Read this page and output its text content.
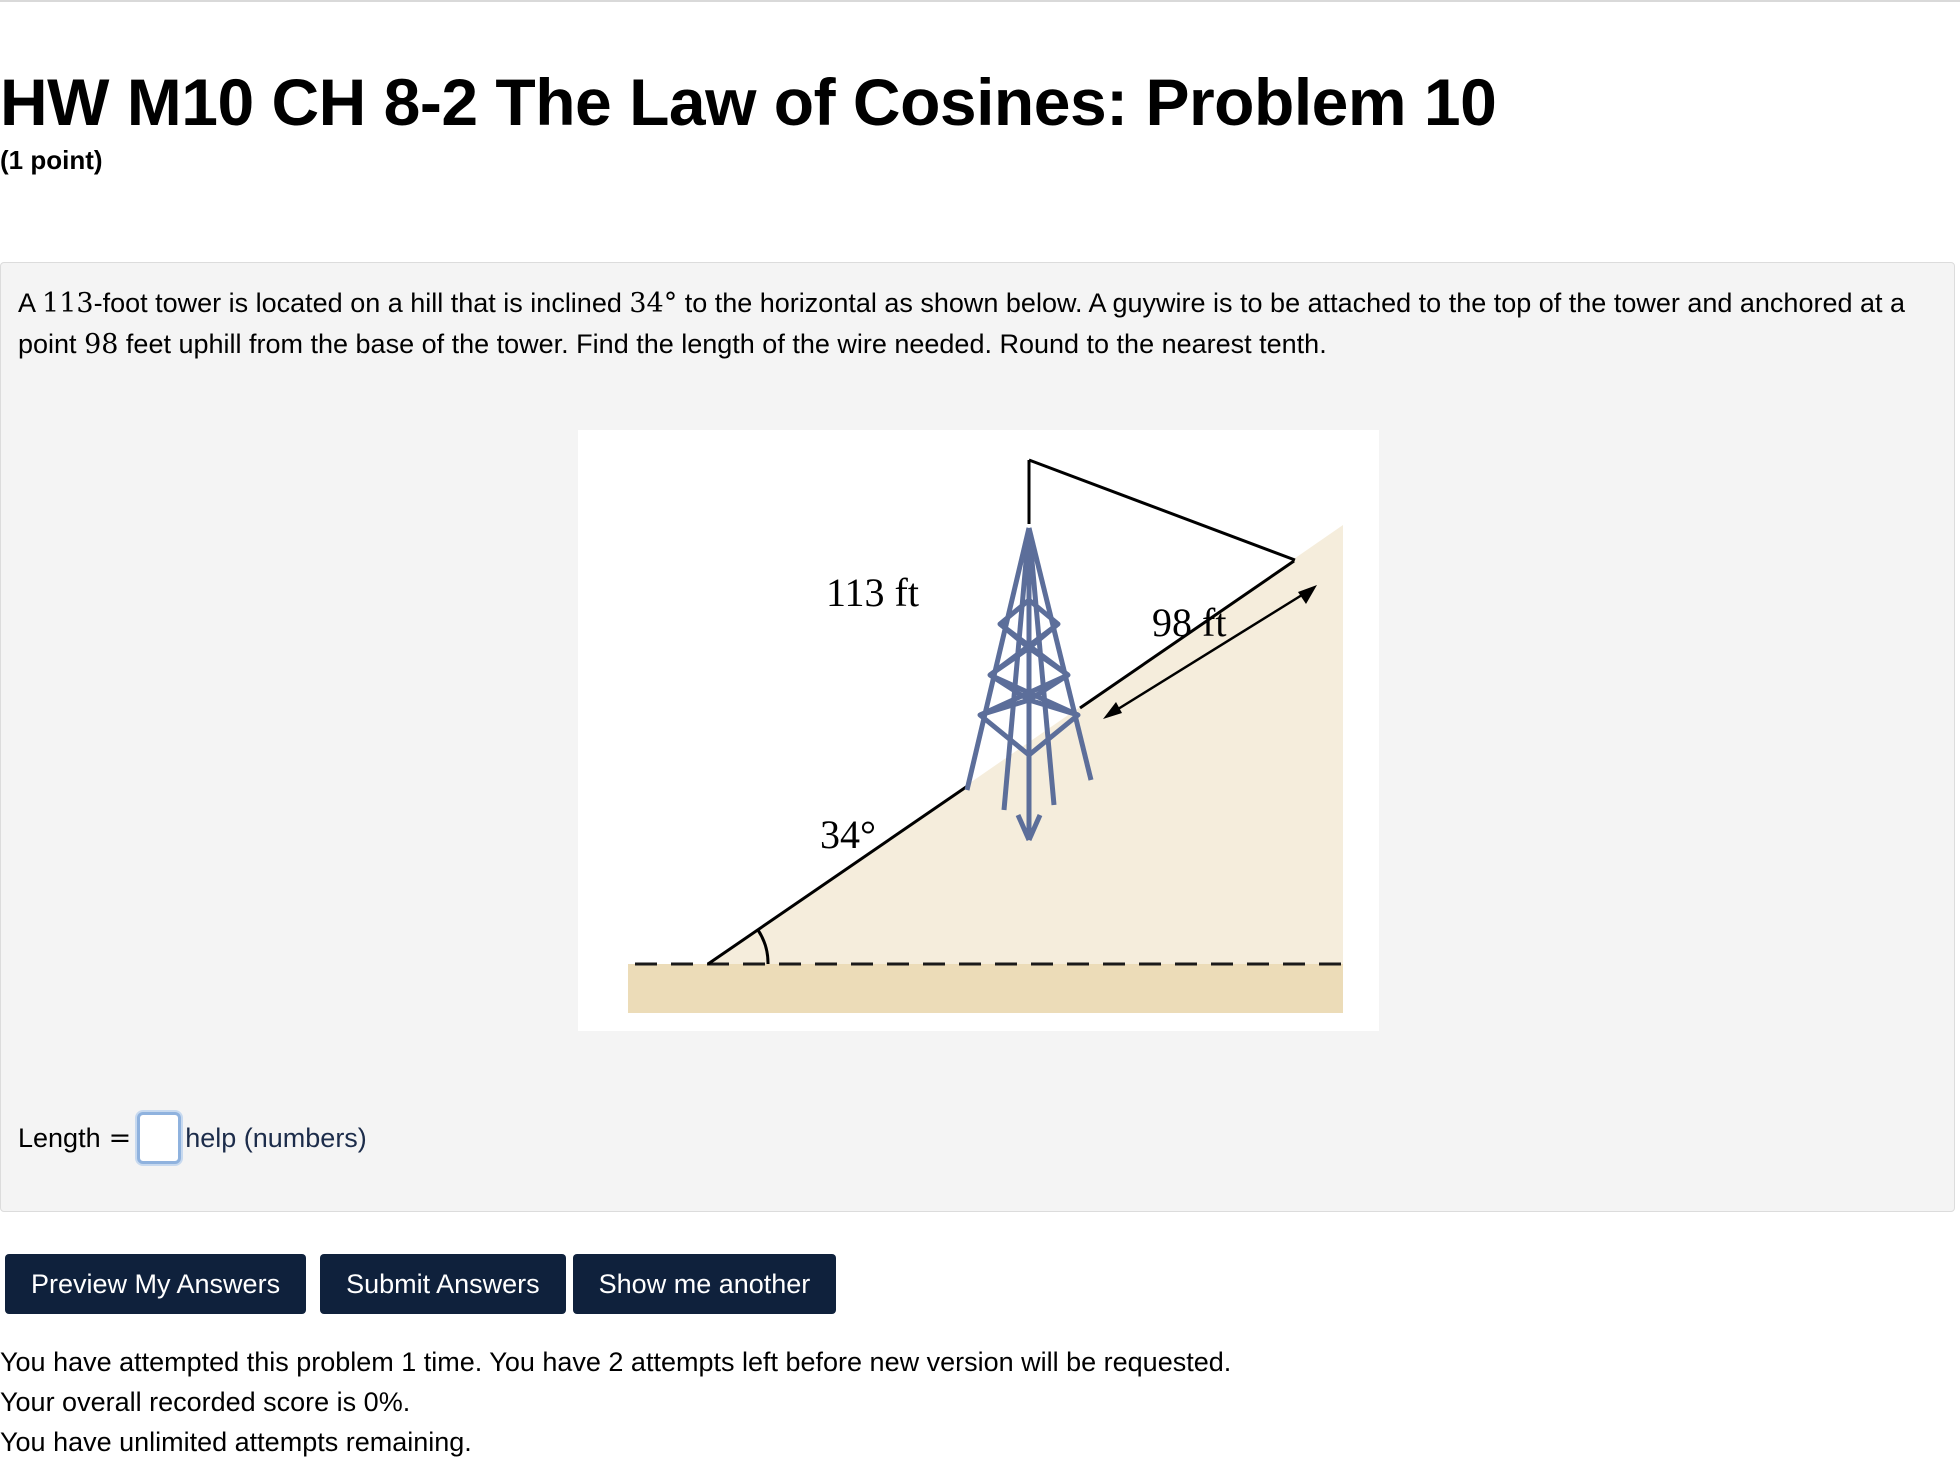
HW M10 CH 8-2 The Law of Cosines: Problem 10
(1 point)
A 113-foot tower is located on a hill that is inclined 34° to the horizontal as shown below. A guywire is to be attached to the top of the tower and anchored at a point 98 feet uphill from the base of the tower. Find the length of the wire needed. Round to the nearest tenth.
113 ft
98 ft
34°
Length = help (numbers)
Preview My Answers	Submit Answers	Show me another
You have attempted this problem 1 time. You have 2 attempts left before new version will be requested.
Your overall recorded score is 0%.
You have unlimited attempts remaining.
